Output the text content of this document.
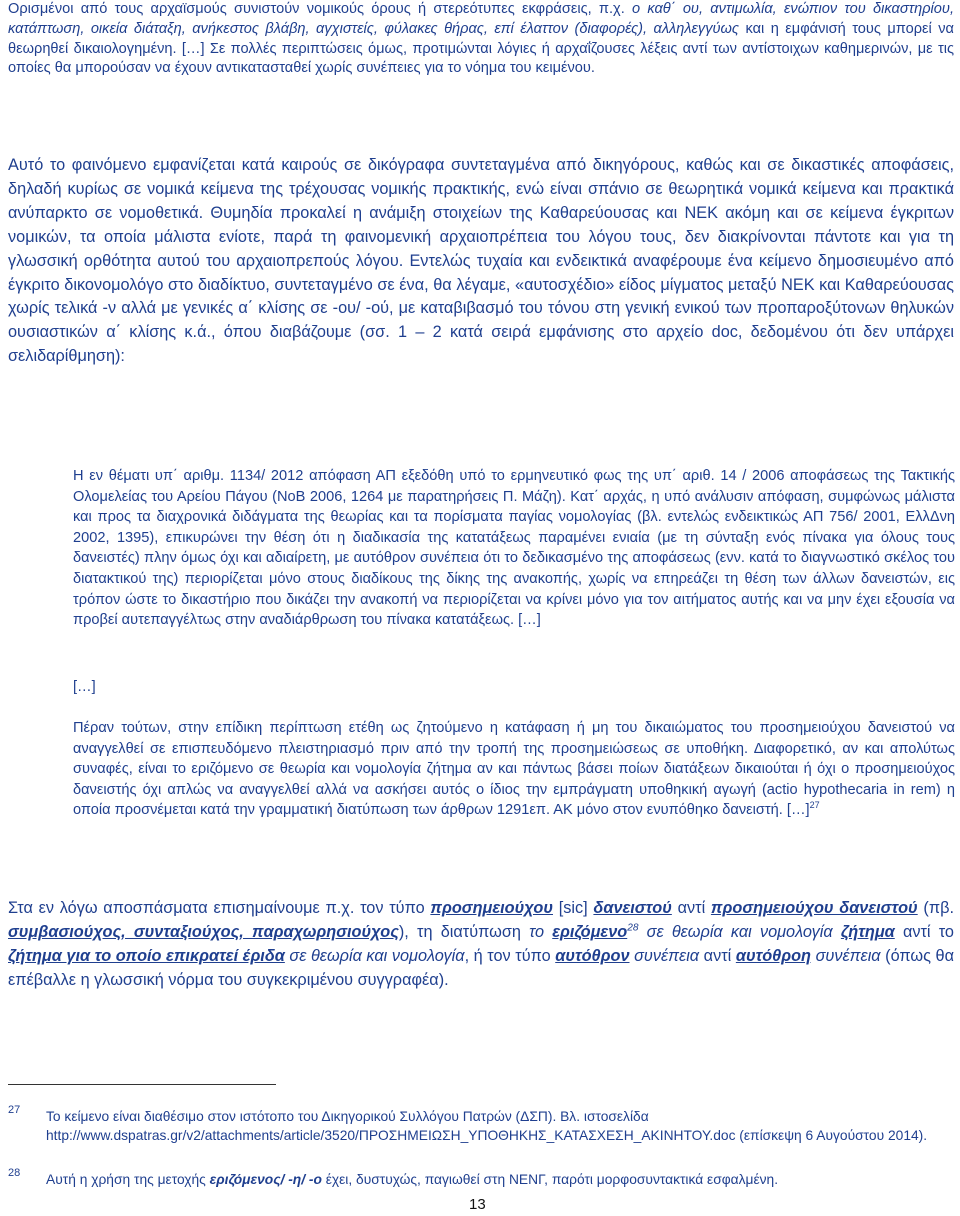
Ορισμένοι από τους αρχαϊσμούς συνιστούν νομικούς όρους ή στερεότυπες εκφράσεις, π.χ. ο καθ΄ ου, αντιμωλία, ενώπιον του δικαστηρίου, κατάπτωση, οικεία διάταξη, ανήκεστος βλάβη, αγχιστείς, φύλακες θήρας, επί έλαττον (διαφορές), αλληλεγγύως και η εμφάνισή τους μπορεί να θεωρηθεί δικαιολογημένη. […] Σε πολλές περιπτώσεις όμως, προτιμώνται λόγιες ή αρχαΐζουσες λέξεις αντί των αντίστοιχων καθημερινών, με τις οποίες θα μπορούσαν να έχουν αντικατασταθεί χωρίς συνέπειες για το νόημα του κειμένου.
Αυτό το φαινόμενο εμφανίζεται κατά καιρούς σε δικόγραφα συντεταγμένα από δικηγόρους, καθώς και σε δικαστικές αποφάσεις, δηλαδή κυρίως σε νομικά κείμενα της τρέχουσας νομικής πρακτικής, ενώ είναι σπάνιο σε θεωρητικά νομικά κείμενα και πρακτικά ανύπαρκτο σε νομοθετικά. Θυμηδία προκαλεί η ανάμιξη στοιχείων της Καθαρεύουσας και ΝΕΚ ακόμη και σε κείμενα έγκριτων νομικών, τα οποία μάλιστα ενίοτε, παρά τη φαινομενική αρχαιοπρέπεια του λόγου τους, δεν διακρίνονται πάντοτε και για τη γλωσσική ορθότητα αυτού του αρχαιοπρεπούς λόγου. Εντελώς τυχαία και ενδεικτικά αναφέρουμε ένα κείμενο δημοσιευμένο από έγκριτο δικονομολόγο στο διαδίκτυο, συντεταγμένο σε ένα, θα λέγαμε, «αυτοσχέδιο» είδος μίγματος μεταξύ ΝΕΚ και Καθαρεύουσας χωρίς τελικά -ν αλλά με γενικές α΄ κλίσης σε -ου/ -ού, με καταβιβασμό του τόνου στη γενική ενικού των προπαροξύτονων θηλυκών ουσιαστικών α΄ κλίσης κ.ά., όπου διαβάζουμε (σσ. 1 – 2 κατά σειρά εμφάνισης στο αρχείο doc, δεδομένου ότι δεν υπάρχει σελιδαρίθμηση):
Η εν θέματι υπ΄ αριθμ. 1134/ 2012 απόφαση ΑΠ εξεδόθη υπό το ερμηνευτικό φως της υπ΄ αριθ. 14 / 2006 αποφάσεως της Τακτικής Ολομελείας του Αρείου Πάγου (ΝοΒ 2006, 1264 με παρατηρήσεις Π. Μάζη). Κατ΄ αρχάς, η υπό ανάλυσιν απόφαση, συμφώνως μάλιστα και προς τα διαχρονικά διδάγματα της θεωρίας και τα πορίσματα παγίας νομολογίας (βλ. εντελώς ενδεικτικώς ΑΠ 756/ 2001, ΕλλΔνη 2002, 1395), επικυρώνει την θέση ότι η διαδικασία της κατατάξεως παραμένει ενιαία (με τη σύνταξη ενός πίνακα για όλους τους δανειστές) πλην όμως όχι και αδιαίρετη, με αυτόθρον συνέπεια ότι το δεδικασμένο της αποφάσεως (ενν. κατά το διαγνωστικό σκέλος του διατακτικού της) περιορίζεται μόνο στους διαδίκους της δίκης της ανακοπής, χωρίς να επηρεάζει τη θέση των άλλων δανειστών, εις τρόπον ώστε το δικαστήριο που δικάζει την ανακοπή να περιορίζεται να κρίνει μόνο για τον αιτήματος αυτής και να μην έχει εξουσία να προβεί αυτεπαγγέλτως στην αναδιάρθρωση του πίνακα κατατάξεως. […]
[…]
Πέραν τούτων, στην επίδικη περίπτωση ετέθη ως ζητούμενο η κατάφαση ή μη του δικαιώματος του προσημειούχου δανειστού να αναγγελθεί σε επισπευδόμενο πλειστηριασμό πριν από την τροπή της προσημειώσεως σε υποθήκη. Διαφορετικό, αν και απολύτως συναφές, είναι το εριζόμενο σε θεωρία και νομολογία ζήτημα αν και πάντως βάσει ποίων διατάξεων δικαιούται ή όχι ο προσημειούχος δανειστής όχι απλώς να αναγγελθεί αλλά να ασκήσει αυτός ο ίδιος την εμπράγματη υποθηκική αγωγή (actio hypothecaria in rem) η οποία προσνέμεται κατά την γραμματική διατύπωση των άρθρων 1291επ. ΑΚ μόνο στον ενυπόθηκο δανειστή. […]$^{27}$
Στα εν λόγω αποσπάσματα επισημαίνουμε π.χ. τον τύπο προσημειούχου [sic] δανειστού αντί προσημειούχου δανειστού (πβ. συμβασιούχος, συνταξιούχος, παραχωρησιούχος), τη διατύπωση το εριζόμενο$^{28}$ σε θεωρία και νομολογία ζήτημα αντί το ζήτημα για το οποίο επικρατεί έριδα σε θεωρία και νομολογία, ή τον τύπο αυτόθρον συνέπεια αντί αυτόθροη συνέπεια (όπως θα επέβαλλε η γλωσσική νόρμα του συγκεκριμένου συγγραφέα).
27 Το κείμενο είναι διαθέσιμο στον ιστότοπο του Δικηγορικού Συλλόγου Πατρών (ΔΣΠ). Βλ. ιστοσελίδα http://www.dspatras.gr/v2/attachments/article/3520/ΠΡΟΣΗΜΕΙΩΣΗ_ΥΠΟΘΗΚΗΣ_ΚΑΤΑΣΧΕΣΗ_ΑΚΙΝΗΤΟΥ.doc (επίσκεψη 6 Αυγούστου 2014).
28 Αυτή η χρήση της μετοχής εριζόμενος/ -η/ -ο έχει, δυστυχώς, παγιωθεί στη ΝΕΝΓ, παρότι μορφοσυντακτικά εσφαλμένη.
13
